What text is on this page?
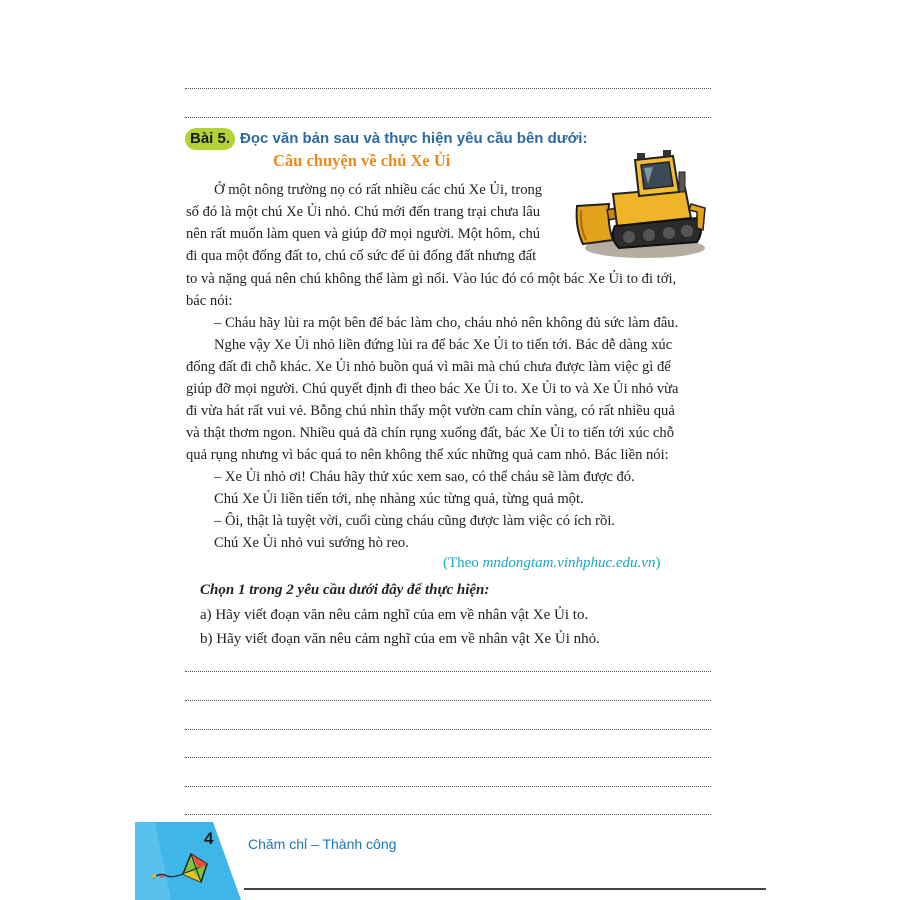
Bài 5. Đọc văn bản sau và thực hiện yêu cầu bên dưới:
Câu chuyện về chú Xe Ủi
Ở một nông trường nọ có rất nhiều các chú Xe Ủi, trong
số đó là một chú Xe Ủi nhỏ. Chú mới đến trang trại chưa lâu
nên rất muốn làm quen và giúp đỡ mọi người. Một hôm, chú
đi qua một đống đất to, chú cố sức để ủi đống đất nhưng đất
to và nặng quá nên chú không thể làm gì nổi. Vào lúc đó có một bác Xe Ủi to đi tới,
bác nói:
– Cháu hãy lùi ra một bên để bác làm cho, cháu nhỏ nên không đủ sức làm đâu.
Nghe vậy Xe Ủi nhỏ liền đứng lùi ra để bác Xe Ủi to tiến tới. Bác dễ dàng xúc
đống đất đi chỗ khác. Xe Ủi nhỏ buồn quá vì mãi mà chú chưa được làm việc gì để
giúp đỡ mọi người. Chú quyết định đi theo bác Xe Ủi to. Xe Ủi to và Xe Ủi nhỏ vừa
đi vừa hát rất vui vẻ. Bỗng chú nhìn thấy một vườn cam chín vàng, có rất nhiều quả
và thật thơm ngon. Nhiều quả đã chín rụng xuống đất, bác Xe Ủi to tiến tới xúc chỗ
quả rụng nhưng vì bác quá to nên không thể xúc những quả cam nhỏ. Bác liền nói:
– Xe Ủi nhỏ ơi! Cháu hãy thử xúc xem sao, có thể cháu sẽ làm được đó.
Chú Xe Ủi liền tiến tới, nhẹ nhàng xúc từng quả, từng quả một.
– Ôi, thật là tuyệt vời, cuối cùng cháu cũng được làm việc có ích rồi.
Chú Xe Ủi nhỏ vui sướng hò reo.
(Theo mndongtam.vinhphuc.edu.vn)
Chọn 1 trong 2 yêu cầu dưới đây để thực hiện:
a) Hãy viết đoạn văn nêu cảm nghĩ của em về nhân vật Xe Ủi to.
b) Hãy viết đoạn văn nêu cảm nghĩ của em về nhân vật Xe Ủi nhỏ.
4 Chăm chỉ – Thành công
